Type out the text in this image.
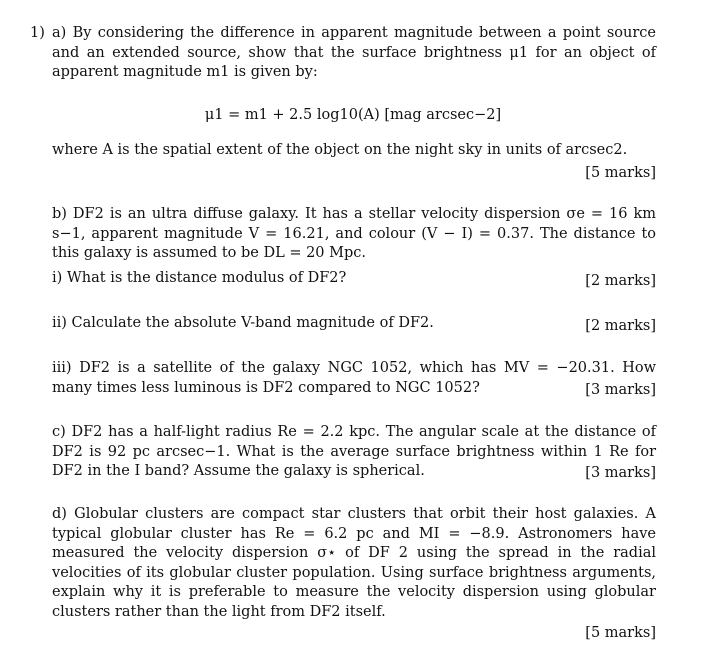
1) a) By considering the difference in apparent magnitude between a point source and an extended source, show that the surface brightness μ1 for an object of apparent magnitude m1 is given by:

μ1 = m1 + 2.5 log10(A) [mag arcsec−2]
where A is the spatial extent of the object on the night sky in units of arcsec2.
[5 marks]

b) DF2 is an ultra diffuse galaxy. It has a stellar velocity dispersion σe = 16 km s−1, apparent magnitude V = 16.21, and colour (V − I) = 0.37. The distance to this galaxy is assumed to be DL = 20 Mpc.

i) What is the distance modulus of DF2?	[2 marks]
ii) Calculate the absolute V-band magnitude of DF2.	[2 marks]

iii) DF2 is a satellite of the galaxy NGC 1052, which has MV = −20.31. How many times less luminous is DF2 compared to NGC 1052?	[3 marks]

c) DF2 has a half-light radius Re = 2.2 kpc. The angular scale at the distance of DF2 is 92 pc arcsec−1. What is the average surface brightness within 1 Re for DF2 in the I band? Assume the galaxy is spherical.	[3 marks]

d) Globular clusters are compact star clusters that orbit their host galaxies. A typical globular cluster has Re = 6.2 pc and MI = −8.9. Astronomers have measured the velocity dispersion σ⋆ of DF 2 using the spread in the radial velocities of its globular cluster population. Using surface brightness arguments, explain why it is preferable to measure the velocity dispersion using globular clusters rather than the light from DF2 itself.

[5 marks]
